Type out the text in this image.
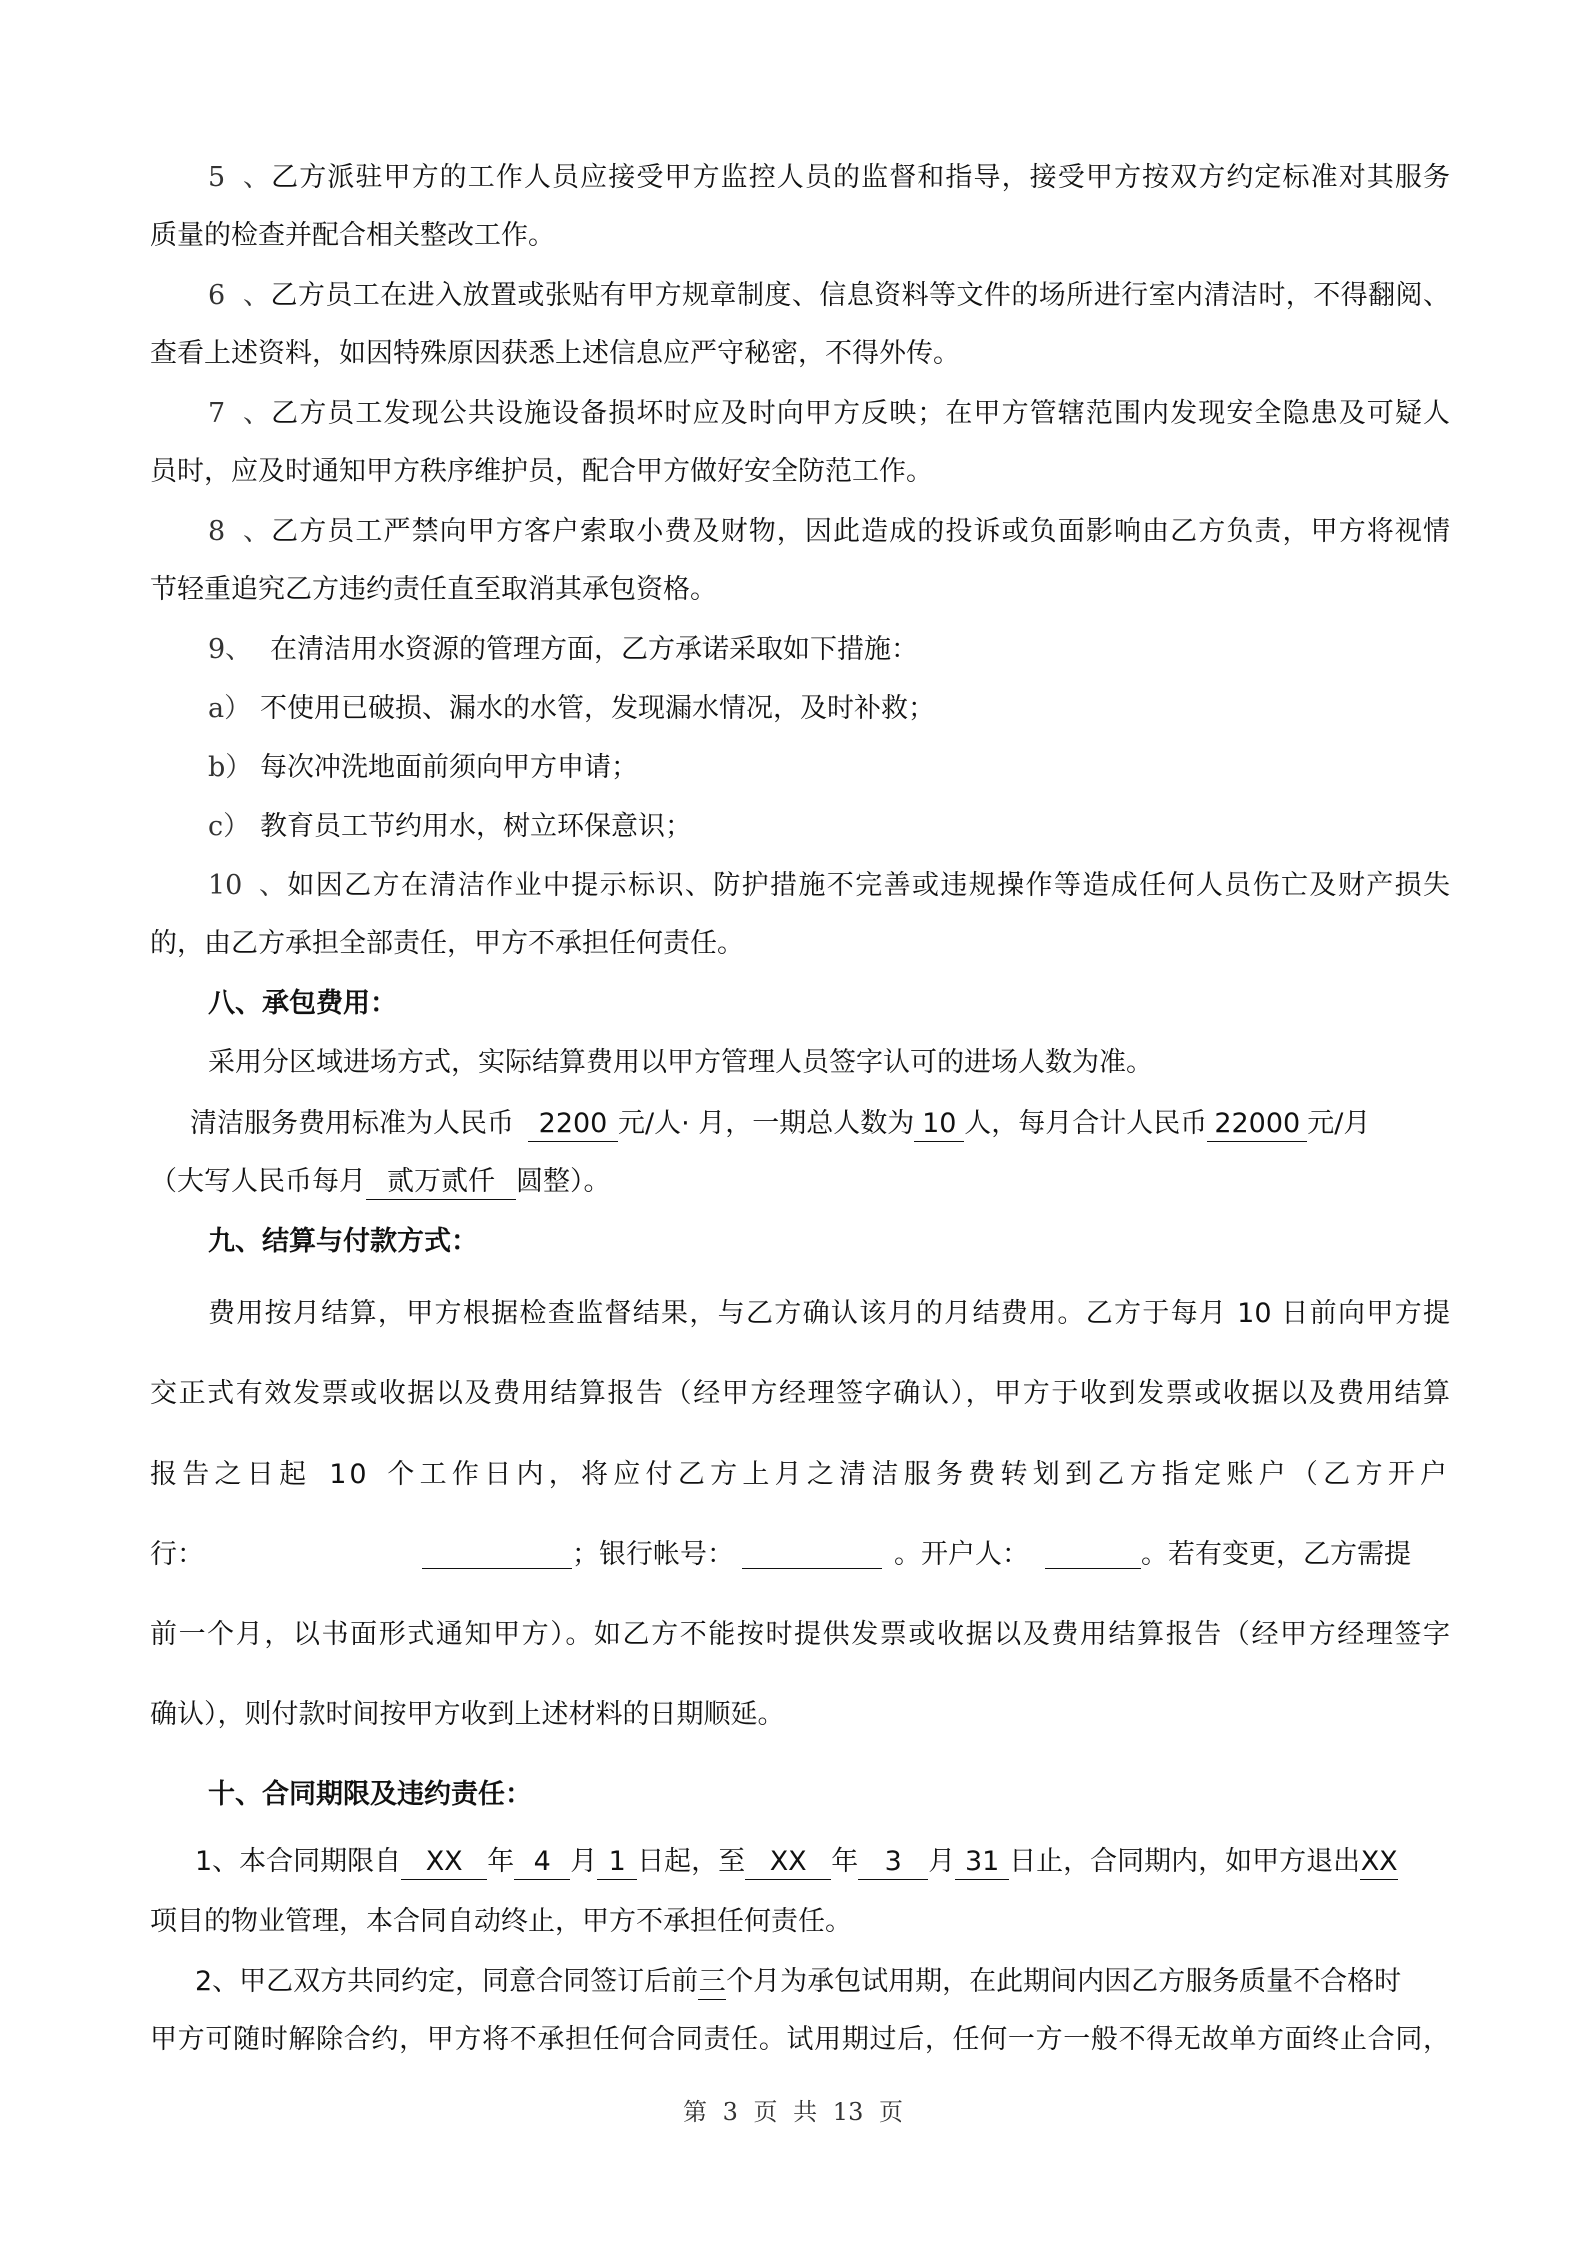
5、乙方派驻甲方的工作人员应接受甲方监控人员的监督和指导，接受甲方按双方约定标准对其服务
质量的检查并配合相关整改工作。
6、乙方员工在进入放置或张贴有甲方规章制度、信息资料等文件的场所进行室内清洁时，不得翻阅、
查看上述资料，如因特殊原因获悉上述信息应严守秘密，不得外传。
7、乙方员工发现公共设施设备损坏时应及时向甲方反映；在甲方管辖范围内发现安全隐患及可疑人
员时，应及时通知甲方秩序维护员，配合甲方做好安全防范工作。
8、乙方员工严禁向甲方客户索取小费及财物，因此造成的投诉或负面影响由乙方负责，甲方将视情
节轻重追究乙方违约责任直至取消其承包资格。
9、 在清洁用水资源的管理方面，乙方承诺采取如下措施：
a） 不使用已破损、漏水的水管，发现漏水情况，及时补救；
b） 每次冲洗地面前须向甲方申请；
c） 教育员工节约用水，树立环保意识；
10、如因乙方在清洁作业中提示标识、防护措施不完善或违规操作等造成任何人员伤亡及财产损失
的，由乙方承担全部责任，甲方不承担任何责任。
八、承包费用：
采用分区域进场方式，实际结算费用以甲方管理人员签字认可的进场人数为准。
清洁服务费用标准为人民币 2200 元/人· 月，一期总人数为 10 人，每月合计人民币 22000 元/月
（大写人民币每月 贰万贰仟 圆整）。
九、结算与付款方式：
费用按月结算，甲方根据检查监督结果，与乙方确认该月的月结费用。乙方于每月 10 日前向甲方提
交正式有效发票或收据以及费用结算报告（经甲方经理签字确认），甲方于收到发票或收据以及费用结算
报告之日起 10 个工作日内，将应付乙方上月之清洁服务费转划到乙方指定账户（乙方开户
行：	；银行帐号：	。开户人：	。若有变更，乙方需提
前一个月，以书面形式通知甲方）。如乙方不能按时提供发票或收据以及费用结算报告（经甲方经理签字
确认），则付款时间按甲方收到上述材料的日期顺延。
十、合同期限及违约责任：
1、本合同期限自 XX 年 4 月 1 日起，至 XX 年 3 月 31 日止，合同期内，如甲方退出XX
项目的物业管理，本合同自动终止，甲方不承担任何责任。
2、甲乙双方共同约定，同意合同签订后前三个月为承包试用期，在此期间内因乙方服务质量不合格时
甲方可随时解除合约，甲方将不承担任何合同责任。试用期过后，任何一方一般不得无故单方面终止合同，
第 3 页 共 13 页
